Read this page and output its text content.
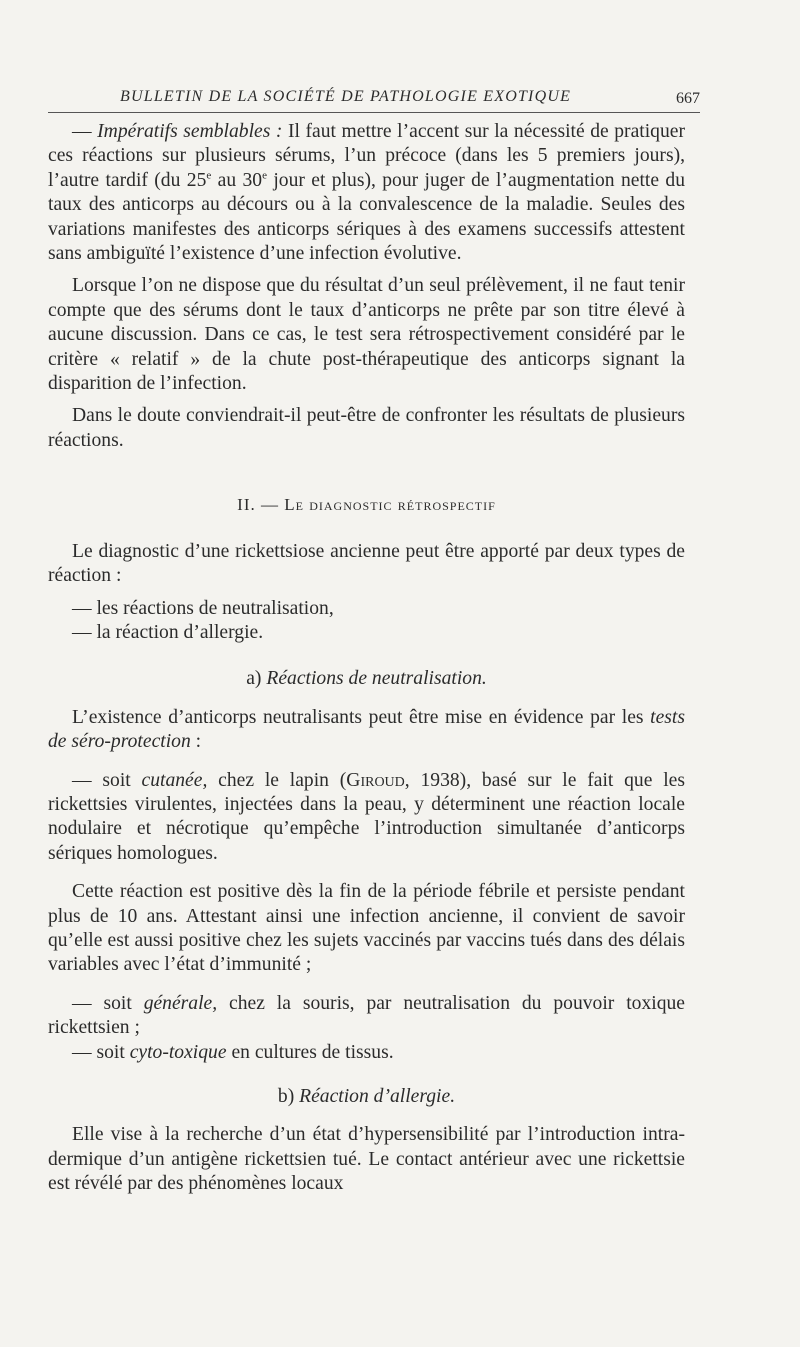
BULLETIN DE LA SOCIÉTÉ DE PATHOLOGIE EXOTIQUE	667

— Impératifs semblables : Il faut mettre l’accent sur la nécessité de pratiquer ces réactions sur plusieurs sérums, l’un précoce (dans les 5 premiers jours), l’autre tardif (du 25e au 30e jour et plus), pour juger de l’augmentation nette du taux des anticorps au décours ou à la convalescence de la maladie. Seules des variations manifestes des anticorps sériques à des examens successifs attestent sans ambiguïté l’existence d’une infection évolutive.

Lorsque l’on ne dispose que du résultat d’un seul prélèvement, il ne faut tenir compte que des sérums dont le taux d’anticorps ne prête par son titre élevé à aucune discussion. Dans ce cas, le test sera rétrospectivement considéré par le critère « relatif » de la chute post-thérapeutique des anticorps signant la disparition de l’infection.

Dans le doute conviendrait-il peut-être de confronter les résultats de plusieurs réactions.

II. — Le diagnostic rétrospectif

Le diagnostic d’une rickettsiose ancienne peut être apporté par deux types de réaction :

— les réactions de neutralisation,

— la réaction d’allergie.

a) Réactions de neutralisation.

L’existence d’anticorps neutralisants peut être mise en évidence par les tests de séro-protection :

— soit cutanée, chez le lapin (Giroud, 1938), basé sur le fait que les rickettsies virulentes, injectées dans la peau, y déterminent une réaction locale nodulaire et nécrotique qu’empêche l’introduction simultanée d’anticorps sériques homologues.

Cette réaction est positive dès la fin de la période fébrile et persiste pendant plus de 10 ans. Attestant ainsi une infection ancienne, il convient de savoir qu’elle est aussi positive chez les sujets vaccinés par vaccins tués dans des délais variables avec l’état d’immunité ;

— soit générale, chez la souris, par neutralisation du pouvoir toxique rickettsien ;

— soit cyto-toxique en cultures de tissus.

b) Réaction d’allergie.

Elle vise à la recherche d’un état d’hypersensibilité par l’introduction intra-dermique d’un antigène rickettsien tué. Le contact antérieur avec une rickettsie est révélé par des phénomènes locaux
